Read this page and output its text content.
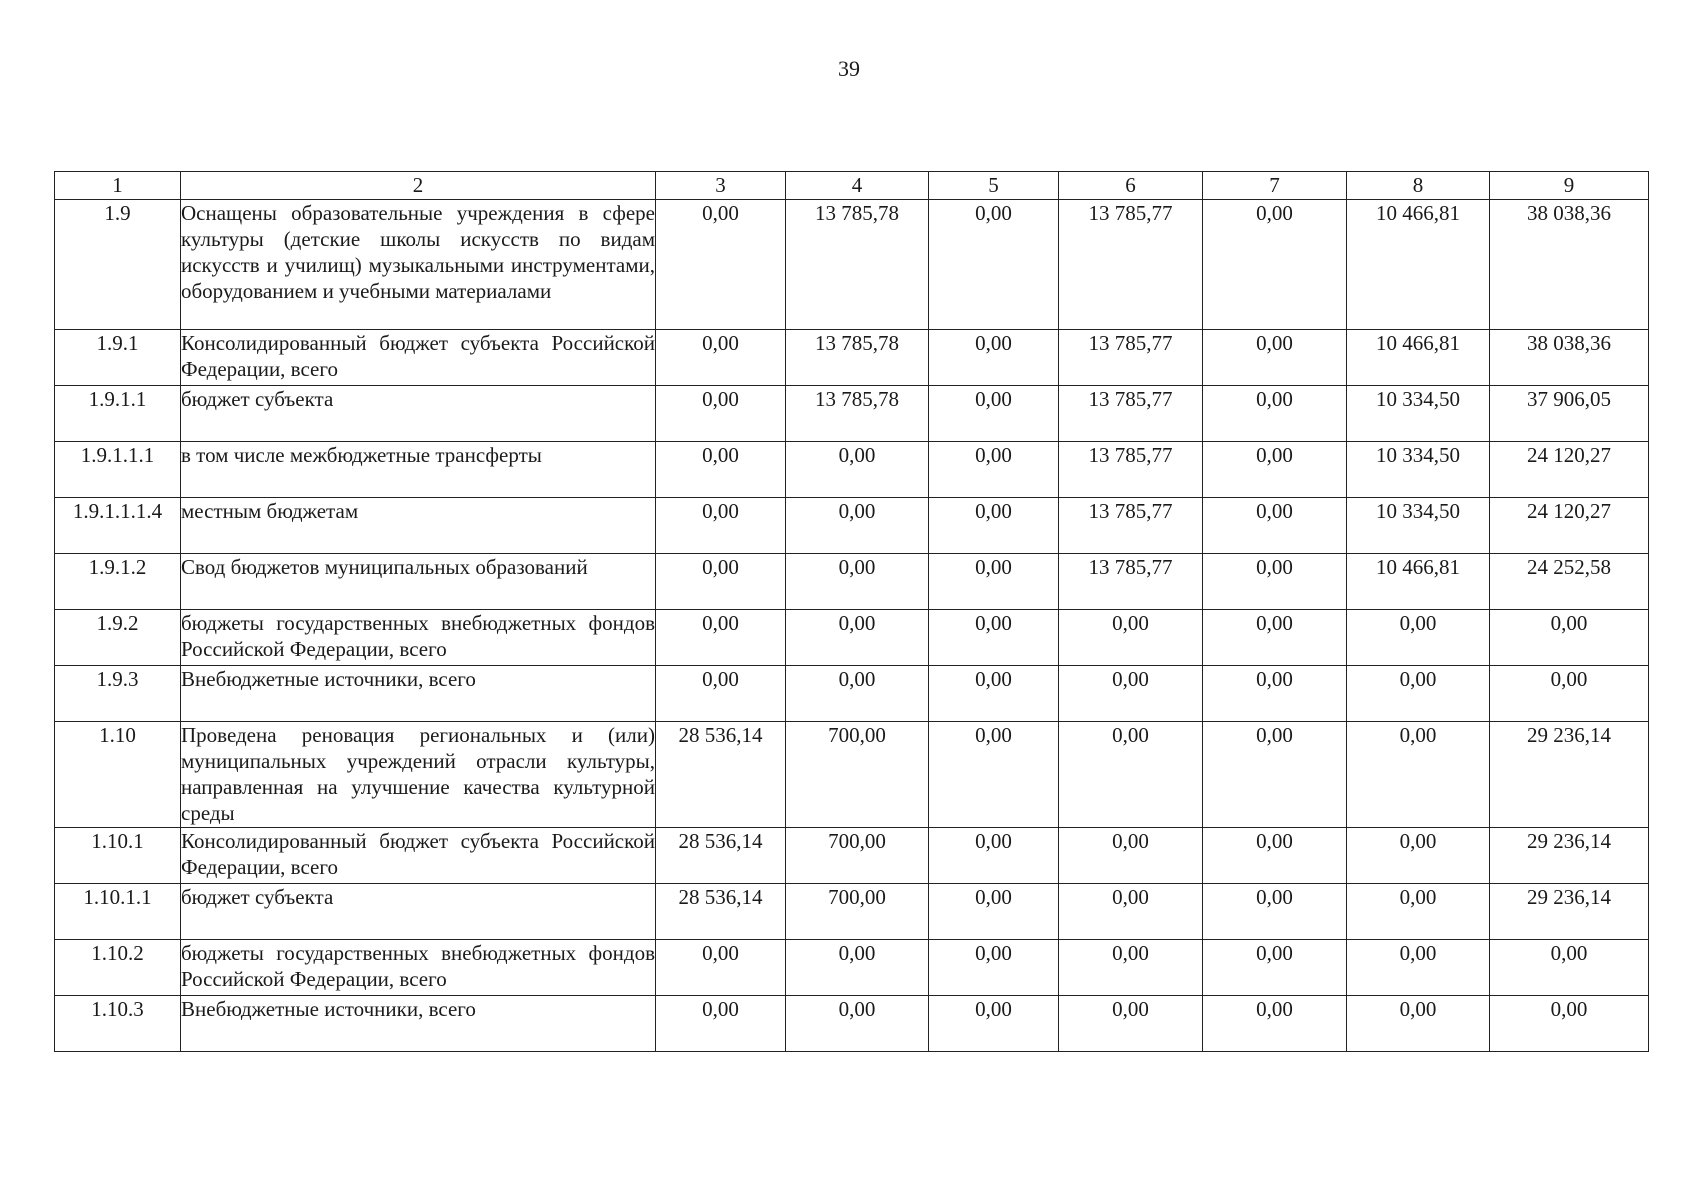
39
1	2	3	4	5	6	7	8	9
1.9	Оснащены образовательные учреждения в сфере культуры (детские школы искусств по видам искусств и училищ) музыкальными инструментами, оборудованием и учебными материалами	0,00	13 785,78	0,00	13 785,77	0,00	10 466,81	38 038,36
1.9.1	Консолидированный бюджет субъекта Российской Федерации, всего	0,00	13 785,78	0,00	13 785,77	0,00	10 466,81	38 038,36
1.9.1.1	бюджет субъекта	0,00	13 785,78	0,00	13 785,77	0,00	10 334,50	37 906,05
1.9.1.1.1	в том числе межбюджетные трансферты	0,00	0,00	0,00	13 785,77	0,00	10 334,50	24 120,27
1.9.1.1.1.4	местным бюджетам	0,00	0,00	0,00	13 785,77	0,00	10 334,50	24 120,27
1.9.1.2	Свод бюджетов муниципальных образований	0,00	0,00	0,00	13 785,77	0,00	10 466,81	24 252,58
1.9.2	бюджеты государственных внебюджетных фондов Российской Федерации, всего	0,00	0,00	0,00	0,00	0,00	0,00	0,00
1.9.3	Внебюджетные источники, всего	0,00	0,00	0,00	0,00	0,00	0,00	0,00
1.10	Проведена реновация региональных и (или) муниципальных учреждений отрасли культуры, направленная на улучшение качества культурной среды	28 536,14	700,00	0,00	0,00	0,00	0,00	29 236,14
1.10.1	Консолидированный бюджет субъекта Российской Федерации, всего	28 536,14	700,00	0,00	0,00	0,00	0,00	29 236,14
1.10.1.1	бюджет субъекта	28 536,14	700,00	0,00	0,00	0,00	0,00	29 236,14
1.10.2	бюджеты государственных внебюджетных фондов Российской Федерации, всего	0,00	0,00	0,00	0,00	0,00	0,00	0,00
1.10.3	Внебюджетные источники, всего	0,00	0,00	0,00	0,00	0,00	0,00	0,00
